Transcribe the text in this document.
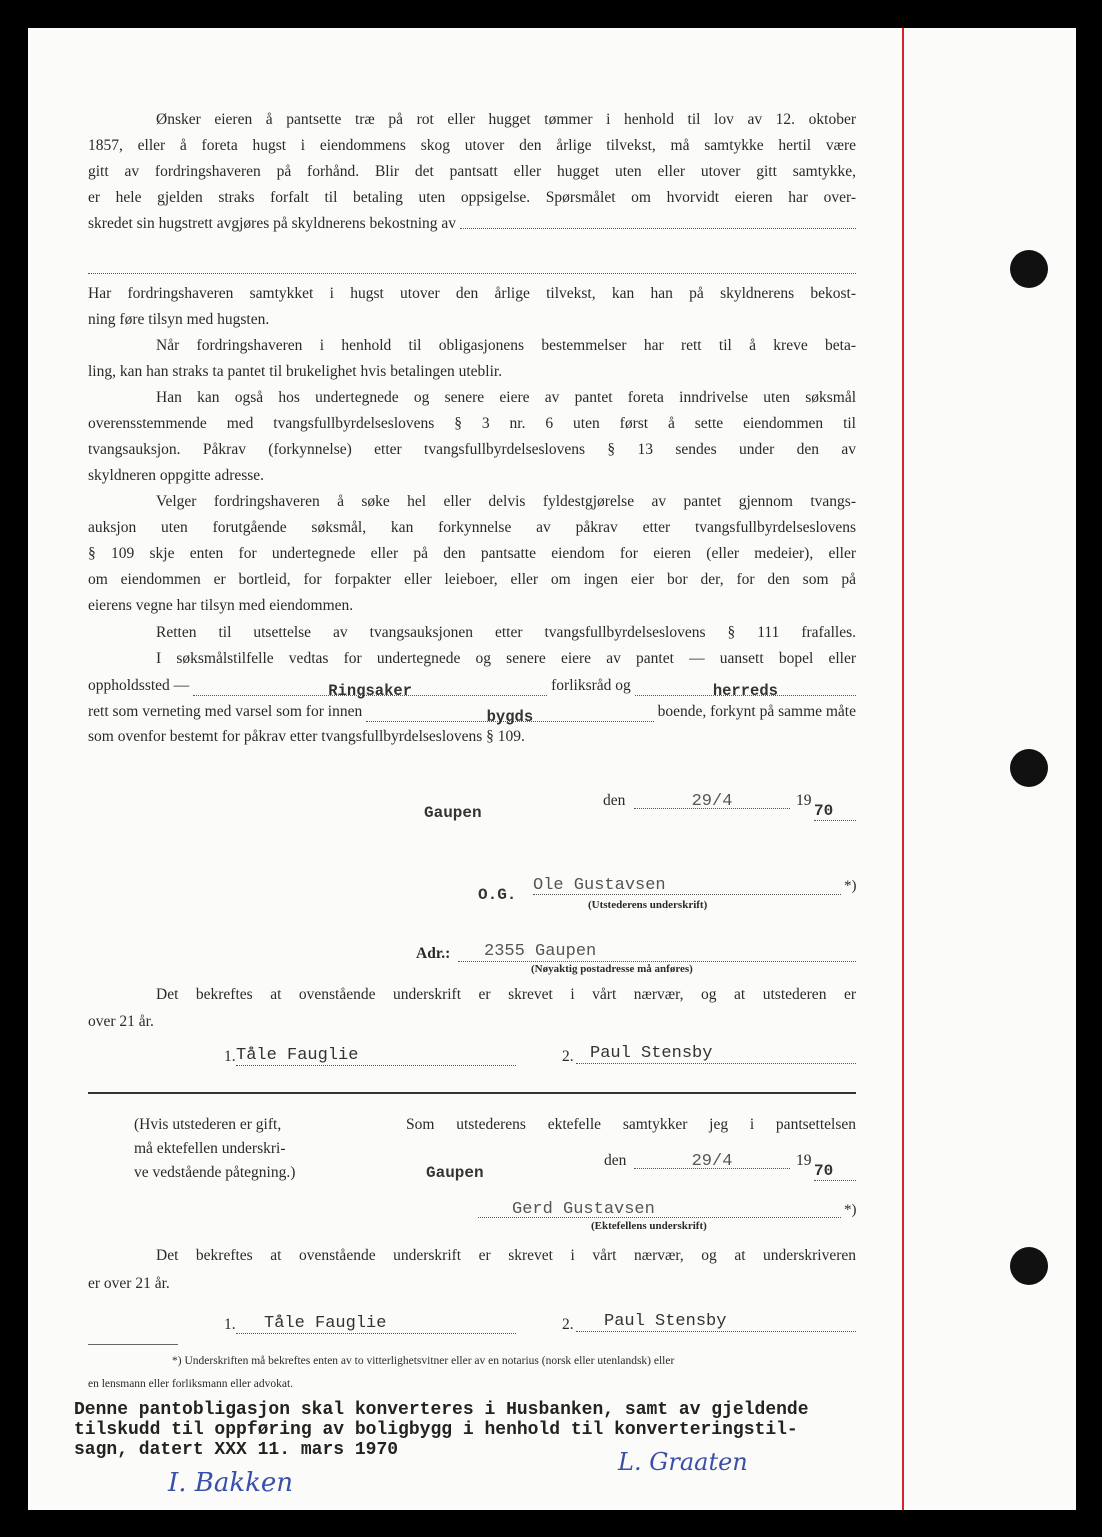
Ønsker eieren å pantsette træ på rot eller hugget tømmer i henhold til lov av 12. oktober
1857, eller å foreta hugst i eiendommens skog utover den årlige tilvekst, må samtykke hertil være
gitt av fordringshaveren på forhånd. Blir det pantsatt eller hugget uten eller utover gitt samtykke,
er hele gjelden straks forfalt til betaling uten oppsigelse. Spørsmålet om hvorvidt eieren har over-
skredet sin hugstrett avgjøres på skyldnerens bekostning av
Har fordringshaveren samtykket i hugst utover den årlige tilvekst, kan han på skyldnerens bekost-
ning føre tilsyn med hugsten.
Når fordringshaveren i henhold til obligasjonens bestemmelser har rett til å kreve beta-
ling, kan han straks ta pantet til brukelighet hvis betalingen uteblir.
Han kan også hos undertegnede og senere eiere av pantet foreta inndrivelse uten søksmål
overensstemmende med tvangsfullbyrdelseslovens § 3 nr. 6 uten først å sette eiendommen til
tvangsauksjon. Påkrav (forkynnelse) etter tvangsfullbyrdelseslovens § 13 sendes under den av
skyldneren oppgitte adresse.
Velger fordringshaveren å søke hel eller delvis fyldestgjørelse av pantet gjennom tvangs-
auksjon uten forutgående søksmål, kan forkynnelse av påkrav etter tvangsfullbyrdelseslovens
§ 109 skje enten for undertegnede eller på den pantsatte eiendom for eieren (eller medeier), eller
om eiendommen er bortleid, for forpakter eller leieboer, eller om ingen eier bor der, for den som på
eierens vegne har tilsyn med eiendommen.
Retten til utsettelse av tvangsauksjonen etter tvangsfullbyrdelseslovens § 111 frafalles.
I søksmålstilfelle vedtas for undertegnede og senere eiere av pantet — uansett bopel eller
oppholdssted —	Ringsaker	forliksråd og	herreds
rett som verneting med varsel som for innen	bygds	boende, forkynt på samme måte
som ovenfor bestemt for påkrav etter tvangsfullbyrdelseslovens § 109.
Gaupen
den	29/4	19
70
O.G. Ole Gustavsen	*)
(Utstederens underskrift)
Adr.:	2355 Gaupen
(Nøyaktig postadresse må anføres)
Det bekreftes at ovenstående underskrift er skrevet i vårt nærvær, og at utstederen er
over 21 år.
1. Tåle Fauglie	2. Paul Stensby
(Hvis utstederen er gift,
må ektefellen underskri-
ve vedstående påtegning.)
Som utstederens ektefelle samtykker jeg i pantsettelsen
Gaupen
den	29/4	19
70
Gerd Gustavsen	*)
(Ektefellens underskrift)
Det bekreftes at ovenstående underskrift er skrevet i vårt nærvær, og at underskriveren
er over 21 år.
1.	Tåle Fauglie	2.	Paul Stensby
*) Underskriften må bekreftes enten av to vitterlighetsvitner eller av en notarius (norsk eller utenlandsk) eller
en lensmann eller forliksmann eller advokat.
Denne pantobligasjon skal konverteres i Husbanken, samt av gjeldende
tilskudd til oppføring av boligbygg i henhold til konverteringstil-
sagn, datert XXX 11. mars 1970
I. Bakken
L. Graaten
